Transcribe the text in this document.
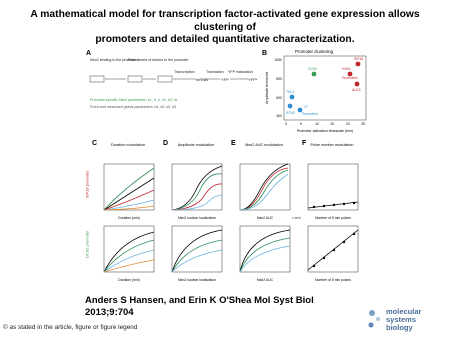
A mathematical model for transcription factor-activated gene expression allows clustering of
promoters and detailed quantitative characterization.
A
Msn2 binding to the promoter
Recruitment of factors to the promoter
Transcription	Translation YFP maturation
mRNA	YFP	YFP*
Promoter-specific fitted parameters: k1, K, n, k2, k3, d1
Fixed and measured global parameters: k4, d2, k5, d3
B	Promoter clustering
Amplitude threshold
Promoter activation timescale (min)
400
600
800
1000
0	5	10	15	20	25
SIP18
DCS2	HXK1
ALD3
TKL2
RTN2
LF
Promoters
Promoters
SIP18 promoter
DCS2 promoter
C	D	E	F
Duration modulation	Amplitude modulation	Msn2 AUC modulation	Pulse number modulation
Duration (min)	Msn2 nuclear localization	Msn2 AUC	Number of 5 min pulses
Duration (min)	Msn2 nuclear localization	Msn2 AUC	Number of 5 min pulses
x 10^5
Anders S Hansen, and Erin K O'Shea Mol Syst Biol
2013;9:704
© as stated in the article, figure or figure legend
molecular
systems
biology
